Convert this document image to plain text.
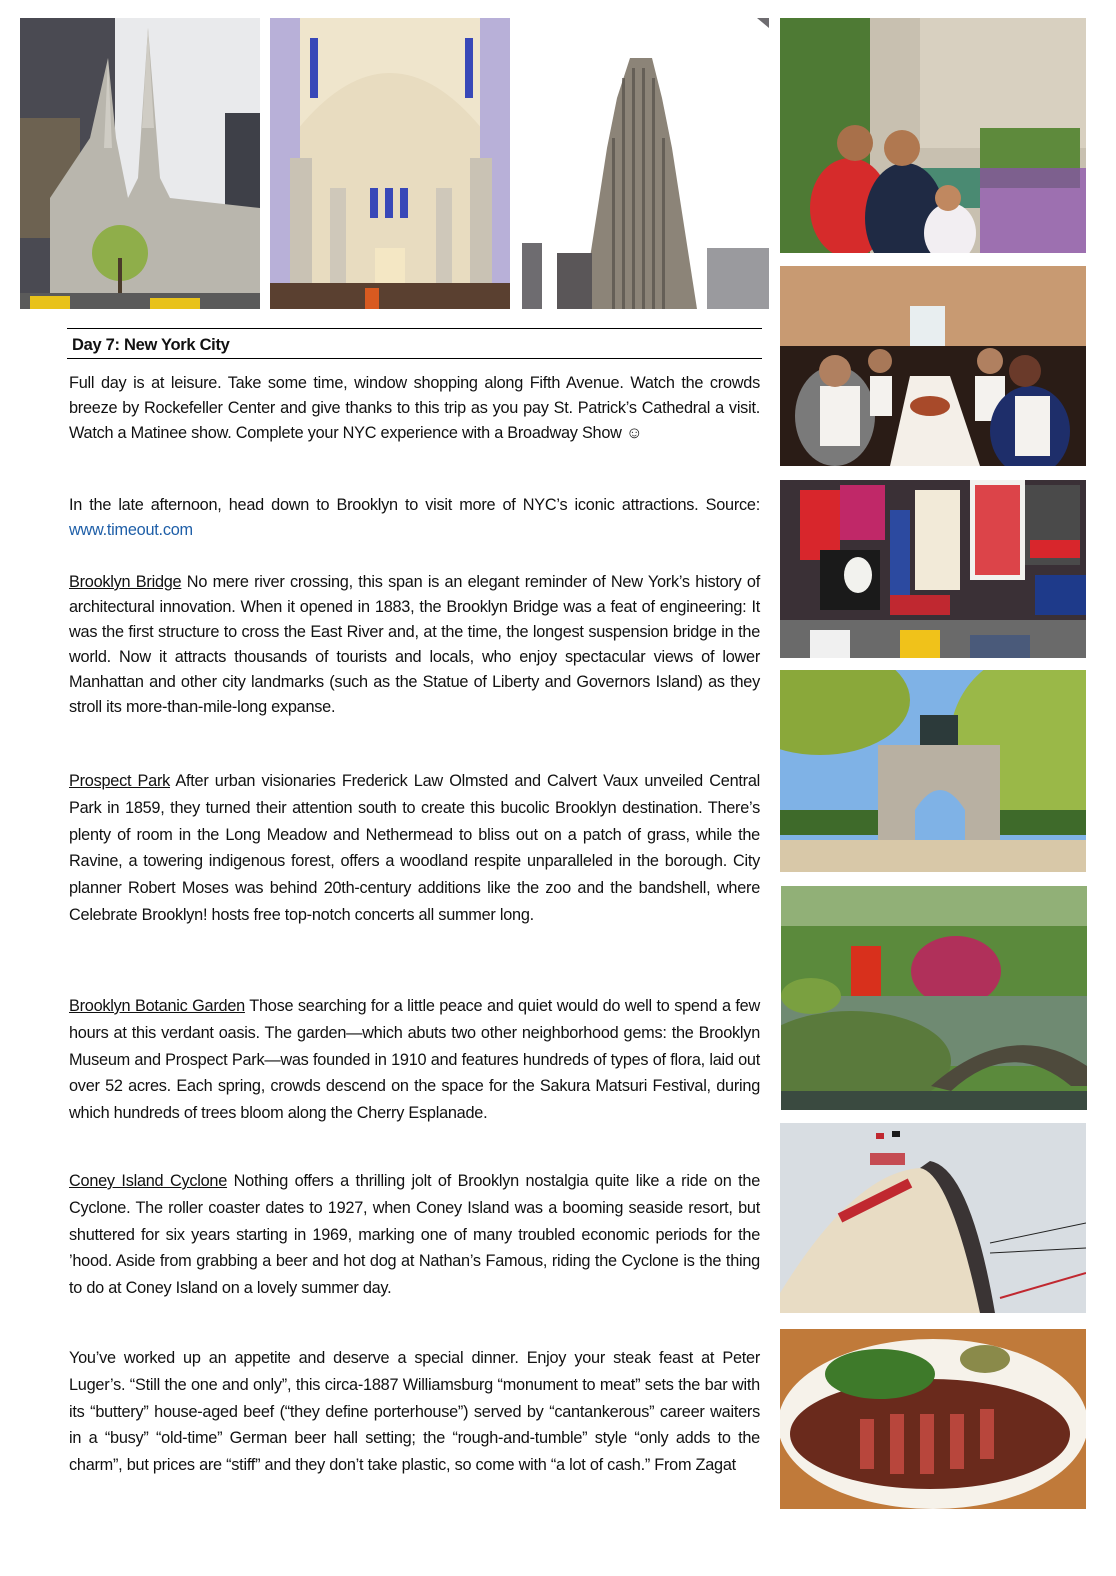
Day 7: New York City
Full day is at leisure. Take some time, window shopping along Fifth Avenue. Watch the crowds breeze by Rockefeller Center and give thanks to this trip as you pay St. Patrick’s Cathedral a visit. Watch a Matinee show. Complete your NYC experience with a Broadway Show ☺
In the late afternoon, head down to Brooklyn to visit more of NYC’s iconic attractions. Source: www.timeout.com
Brooklyn Bridge No mere river crossing, this span is an elegant reminder of New York’s history of architectural innovation. When it opened in 1883, the Brooklyn Bridge was a feat of engineering: It was the first structure to cross the East River and, at the time, the longest suspension bridge in the world. Now it attracts thousands of tourists and locals, who enjoy spectacular views of lower Manhattan and other city landmarks (such as the Statue of Liberty and Governors Island) as they stroll its more-than-mile-long expanse.
Prospect Park After urban visionaries Frederick Law Olmsted and Calvert Vaux unveiled Central Park in 1859, they turned their attention south to create this bucolic Brooklyn destination. There’s plenty of room in the Long Meadow and Nethermead to bliss out on a patch of grass, while the Ravine, a towering indigenous forest, offers a woodland respite unparalleled in the borough. City planner Robert Moses was behind 20th-century additions like the zoo and the bandshell, where Celebrate Brooklyn! hosts free top-notch concerts all summer long.
Brooklyn Botanic Garden Those searching for a little peace and quiet would do well to spend a few hours at this verdant oasis. The garden—which abuts two other neighborhood gems: the Brooklyn Museum and Prospect Park—was founded in 1910 and features hundreds of types of flora, laid out over 52 acres. Each spring, crowds descend on the space for the Sakura Matsuri Festival, during which hundreds of trees bloom along the Cherry Esplanade.
Coney Island Cyclone Nothing offers a thrilling jolt of Brooklyn nostalgia quite like a ride on the Cyclone. The roller coaster dates to 1927, when Coney Island was a booming seaside resort, but shuttered for six years starting in 1969, marking one of many troubled economic periods for the ’hood. Aside from grabbing a beer and hot dog at Nathan’s Famous, riding the Cyclone is the thing to do at Coney Island on a lovely summer day.
You’ve worked up an appetite and deserve a special dinner. Enjoy your steak feast at Peter Luger’s. “Still the one and only”, this circa-1887 Williamsburg “monument to meat” sets the bar with its “buttery” house-aged beef (“they define porterhouse”) served by “cantankerous” career waiters in a “busy” “old-time” German beer hall setting; the “rough-and-tumble” style “only adds to the charm”, but prices are “stiff” and they don’t take plastic, so come with “a lot of cash.” From Zagat
